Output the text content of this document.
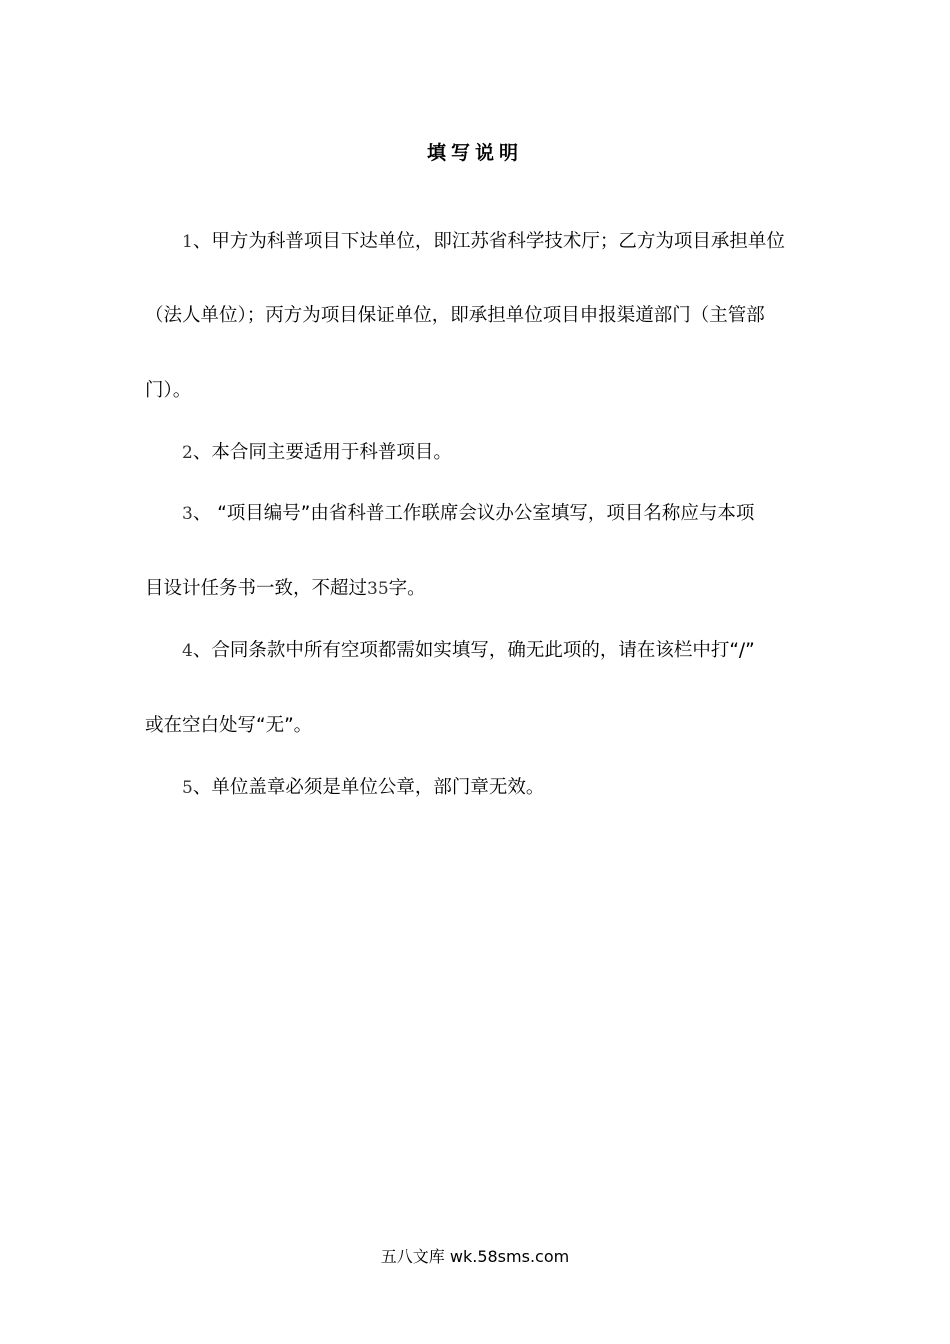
填写说明
1、甲方为科普项目下达单位，即江苏省科学技术厅；乙方为项目承担单位
（法人单位）；丙方为项目保证单位，即承担单位项目申报渠道部门（主管部
门）。
2、本合同主要适用于科普项目。
3、 “项目编号”由省科普工作联席会议办公室填写，项目名称应与本项
目设计任务书一致，不超过35字。
4、合同条款中所有空项都需如实填写，确无此项的，请在该栏中打“/”
或在空白处写“无”。
5、单位盖章必须是单位公章，部门章无效。
五八文库 wk.58sms.com
